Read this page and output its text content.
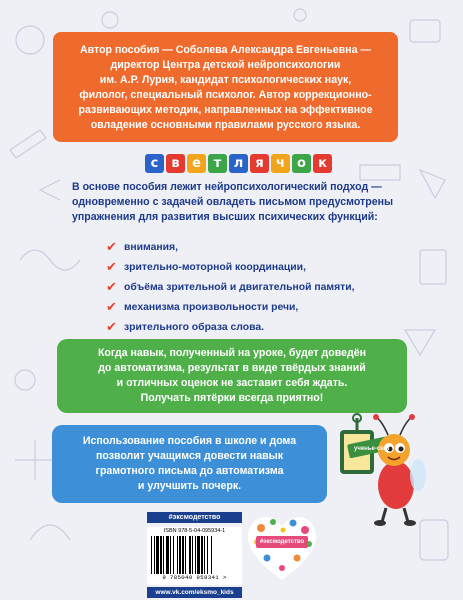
Автор пособия — Соболева Александра Евгеньевна —
директор Центра детской нейропсихологии
им. А.Р. Лурия, кандидат психологических наук,
филолог, специальный психолог. Автор коррекционно-
развивающих методик, направленных на эффективное
овладение основными правилами русского языка.
с	в е т л я ч о к
В основе пособия лежит нейропсихологический подход —
одновременно с задачей овладеть письмом предусмотрены
упражнения для развития высших психических функций:
✔ внимания,
✔ зрительно-моторной координации,
✔ объёма зрительной и двигательной памяти,
✔ механизма произвольности речи,
✔ зрительного образа слова.
Когда навык, полученный на уроке, будет доведён
до автоматизма, результат в виде твёрдых знаний
и отличных оценок не заставит себя ждать.
Получать пятёрки всегда приятно!
Использование пособия в школе и дома
позволит учащимся довести навык
грамотного письма до автоматизма
и улучшить почерк.
ученье-свет
#эксмодетство
ISBN 978-5-04-095934-1
9 785040 959341 >
www.vk.com/eksmo_kids
#эксмодетство
